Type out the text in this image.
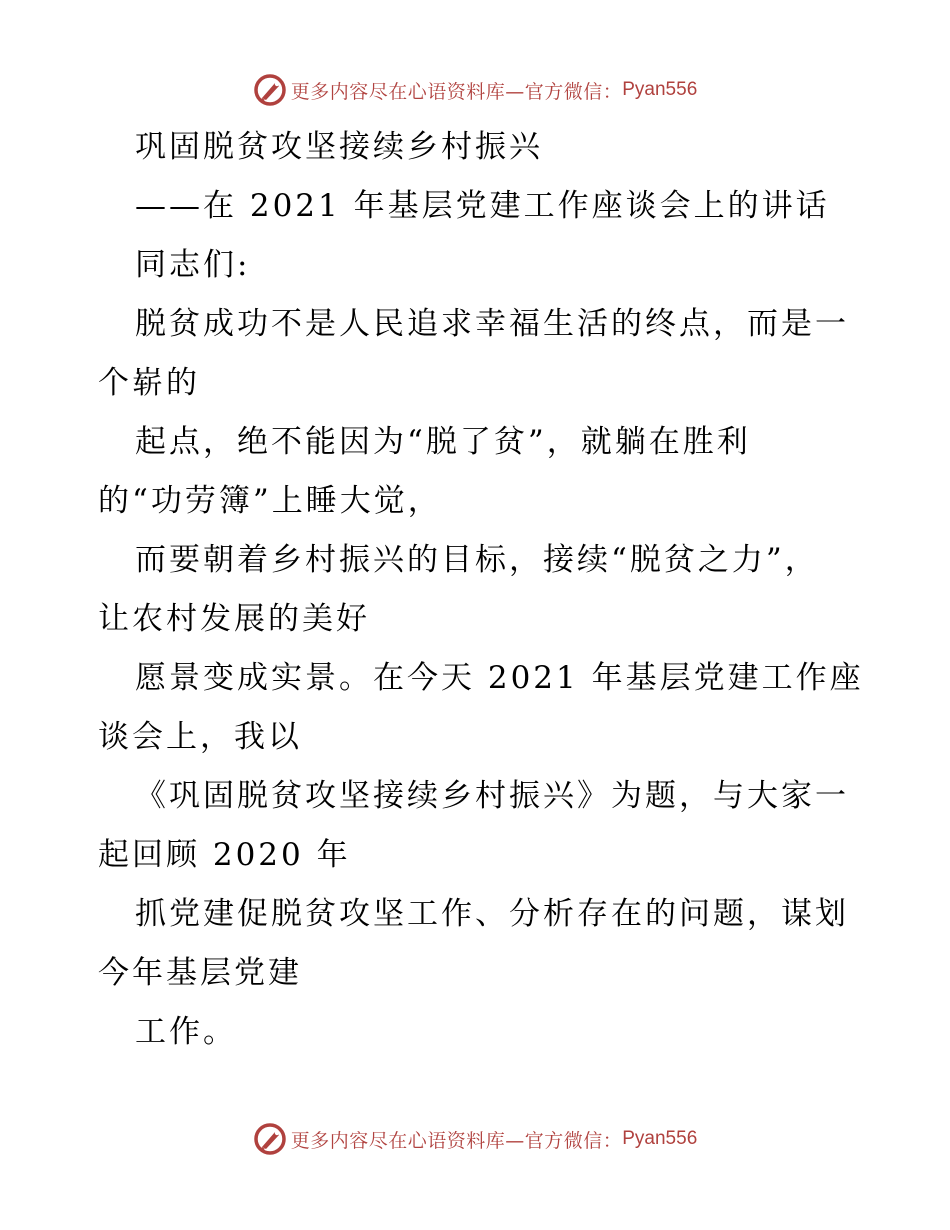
更多内容尽在心语资料库—官方微信： Pyan556
巩固脱贫攻坚接续乡村振兴
——在 2021 年基层党建工作座谈会上的讲话
同志们:
脱贫成功不是人民追求幸福生活的终点，而是一
个崭的
起点，绝不能因为“脱了贫”，就躺在胜利
的“功劳簿”上睡大觉，
而要朝着乡村振兴的目标，接续“脱贫之力”，
让农村发展的美好
愿景变成实景。在今天 2021 年基层党建工作座
谈会上，我以
《巩固脱贫攻坚接续乡村振兴》为题，与大家一
起回顾 2020 年
抓党建促脱贫攻坚工作、分析存在的问题，谋划
今年基层党建
工作。
更多内容尽在心语资料库—官方微信： Pyan556
